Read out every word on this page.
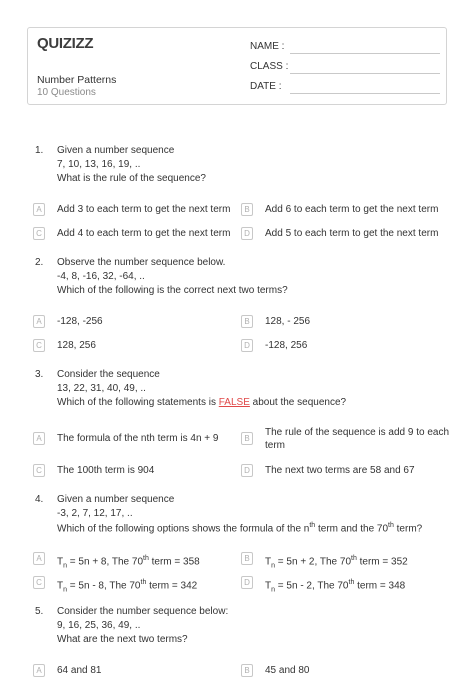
QUIZIZZ
Number Patterns
10 Questions
NAME :
CLASS :
DATE :
1. Given a number sequence
7, 10, 13, 16, 19, ..
What is the rule of the sequence?
A	Add 3 to each term to get the next term	B	Add 6 to each term to get the next term
C	Add 4 to each term to get the next term	D	Add 5 to each term to get the next term
2. Observe the number sequence below.
-4, 8, -16, 32, -64, ..
Which of the following is the correct next two terms?
A	-128, -256	B	128, - 256
C	128, 256	D	-128, 256
3. Consider the sequence
13, 22, 31, 40, 49, ..
Which of the following statements is FALSE about the sequence?
A	The formula of the nth term is 4n + 9	B
The rule of the sequence is add 9 to each term
C	The 100th term is 904	D	The next two terms are 58 and 67
4. Given a number sequence
-3, 2, 7, 12, 17, ..
Which of the following options shows the formula of the $n^{th}$ term and the 70th term?
A	$T_n = 5n + 8$, The 70th term = 358	B	$T_n = 5n + 2$, The 70th term = 352
C	$T_n = 5n - 8$, The 70th term = 342	D	$T_n = 5n - 2$, The 70th term = 348
5. Consider the number sequence below:
9, 16, 25, 36, 49, ..
What are the next two terms?
A	64 and 81	B	45 and 80
